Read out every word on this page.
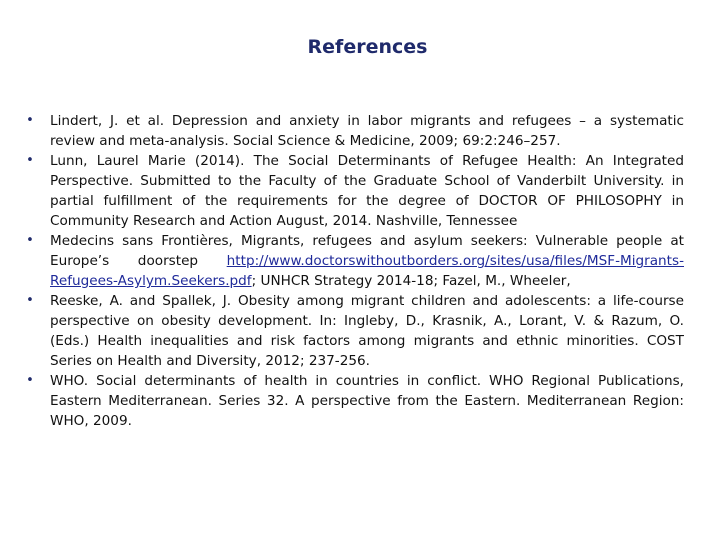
References
• Lindert, J. et al. Depression and anxiety in labor migrants and refugees – a systematic review and meta-analysis. Social Science & Medicine, 2009; 69:2:246–257.
• Lunn, Laurel Marie (2014). The Social Determinants of Refugee Health: An Integrated Perspective. Submitted to the Faculty of the Graduate School of Vanderbilt University. in partial fulfillment of the requirements for the degree of DOCTOR OF PHILOSOPHY in Community Research and Action August, 2014. Nashville, Tennessee
• Medecins sans Frontières, Migrants, refugees and asylum seekers: Vulnerable people at Europe’s doorstep http://www.doctorswithoutborders.org/sites/usa/files/MSF-Migrants-Refugees-Asylym.Seekers.pdf; UNHCR Strategy 2014-18; Fazel, M., Wheeler,
• Reeske, A. and Spallek, J. Obesity among migrant children and adolescents: a life-course perspective on obesity development. In: Ingleby, D., Krasnik, A., Lorant, V. & Razum, O. (Eds.) Health inequalities and risk factors among migrants and ethnic minorities. COST Series on Health and Diversity, 2012; 237-256.
• WHO. Social determinants of health in countries in conflict. WHO Regional Publications, Eastern Mediterranean. Series 32. A perspective from the Eastern. Mediterranean Region: WHO, 2009.
